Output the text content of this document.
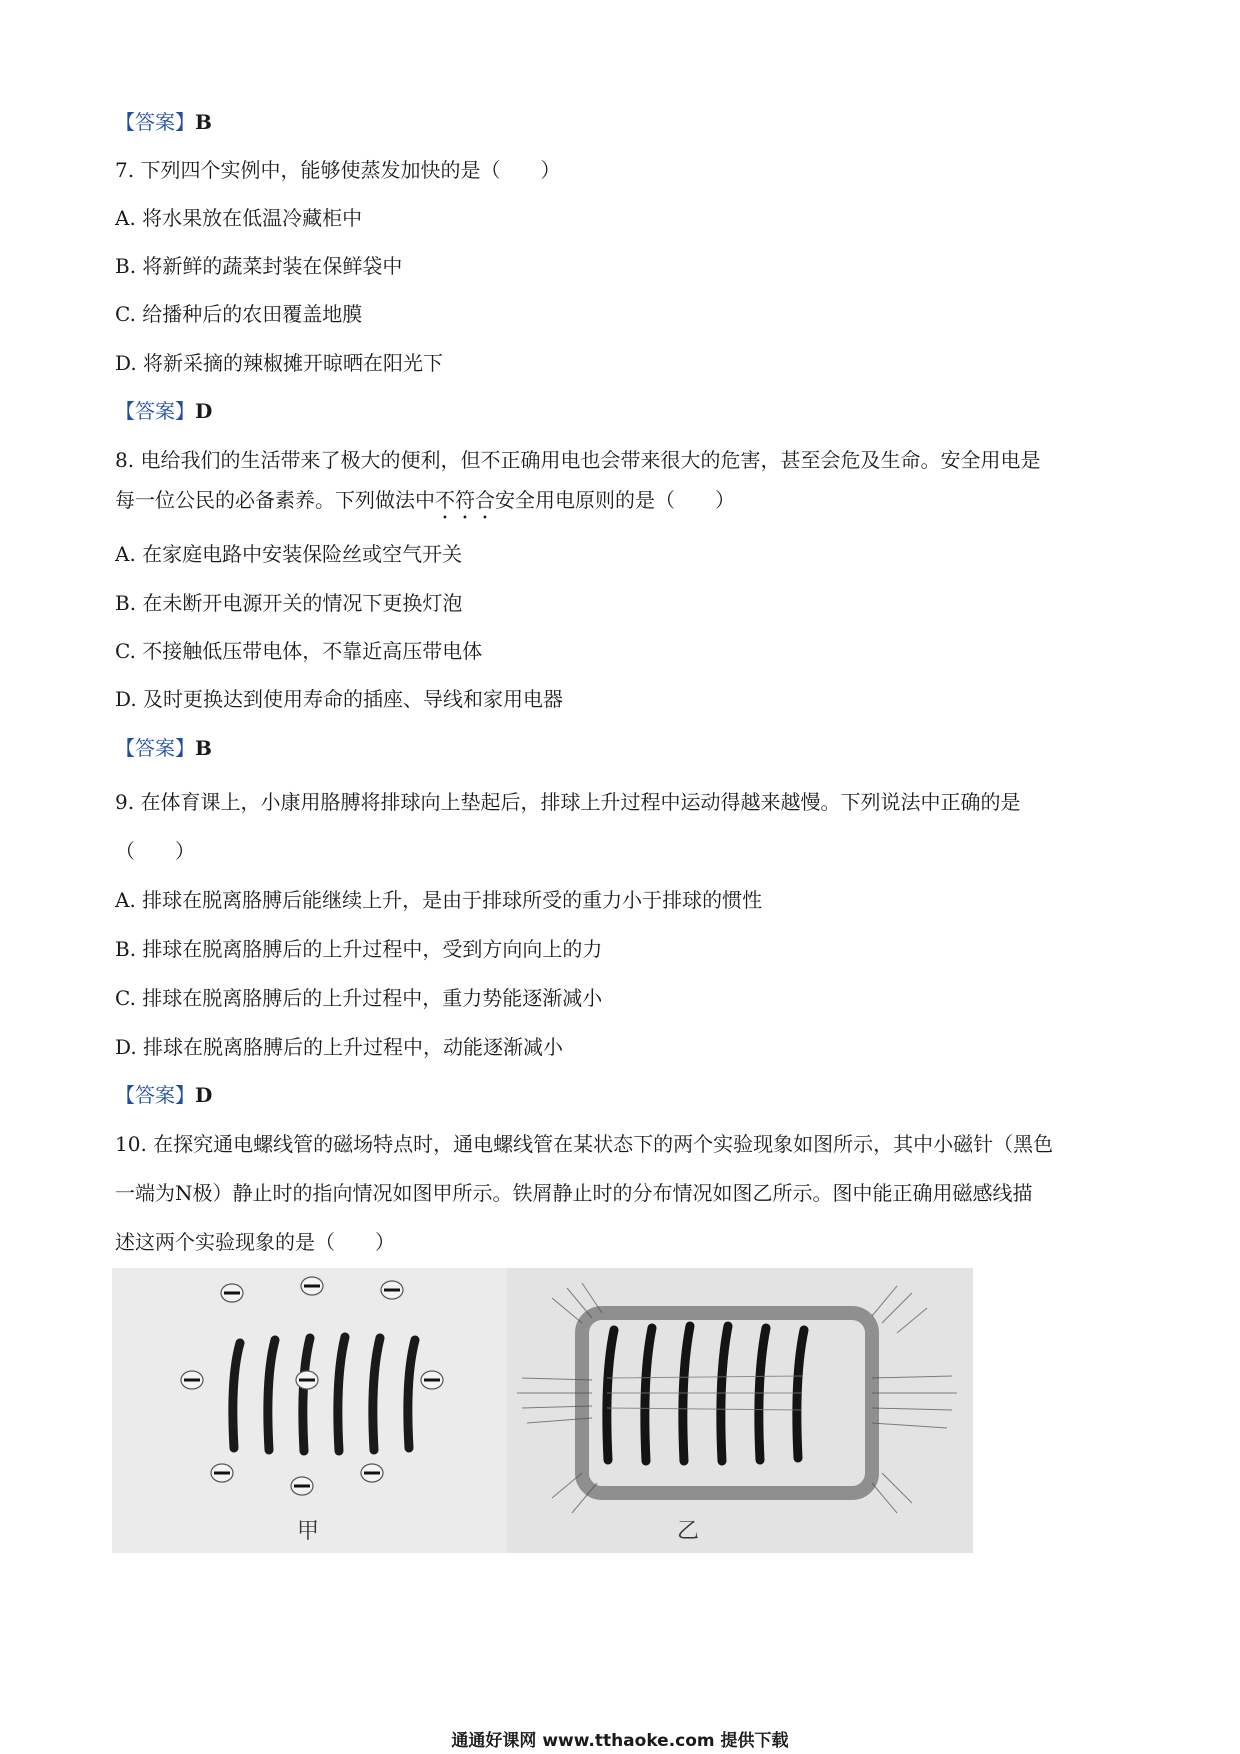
【答案】B
7. 下列四个实例中，能够使蒸发加快的是（　　）
A. 将水果放在低温冷藏柜中
B. 将新鲜的蔬菜封装在保鲜袋中
C. 给播种后的农田覆盖地膜
D. 将新采摘的辣椒摊开晾晒在阳光下
【答案】D
8. 电给我们的生活带来了极大的便利，但不正确用电也会带来很大的危害，甚至会危及生命。安全用电是
每一位公民的必备素养。下列做法中不符合安全用电原则的是（　　）
A. 在家庭电路中安装保险丝或空气开关
B. 在未断开电源开关的情况下更换灯泡
C. 不接触低压带电体，不靠近高压带电体
D. 及时更换达到使用寿命的插座、导线和家用电器
【答案】B
9. 在体育课上，小康用胳膊将排球向上垫起后，排球上升过程中运动得越来越慢。下列说法中正确的是
（　　）
A. 排球在脱离胳膊后能继续上升，是由于排球所受的重力小于排球的惯性
B. 排球在脱离胳膊后的上升过程中，受到方向向上的力
C. 排球在脱离胳膊后的上升过程中，重力势能逐渐减小
D. 排球在脱离胳膊后的上升过程中，动能逐渐减小
【答案】D
10. 在探究通电螺线管的磁场特点时，通电螺线管在某状态下的两个实验现象如图所示，其中小磁针（黑色
一端为N极）静止时的指向情况如图甲所示。铁屑静止时的分布情况如图乙所示。图中能正确用磁感线描
述这两个实验现象的是（　　）
甲	乙
通通好课网 www.tthaoke.com 提供下载
